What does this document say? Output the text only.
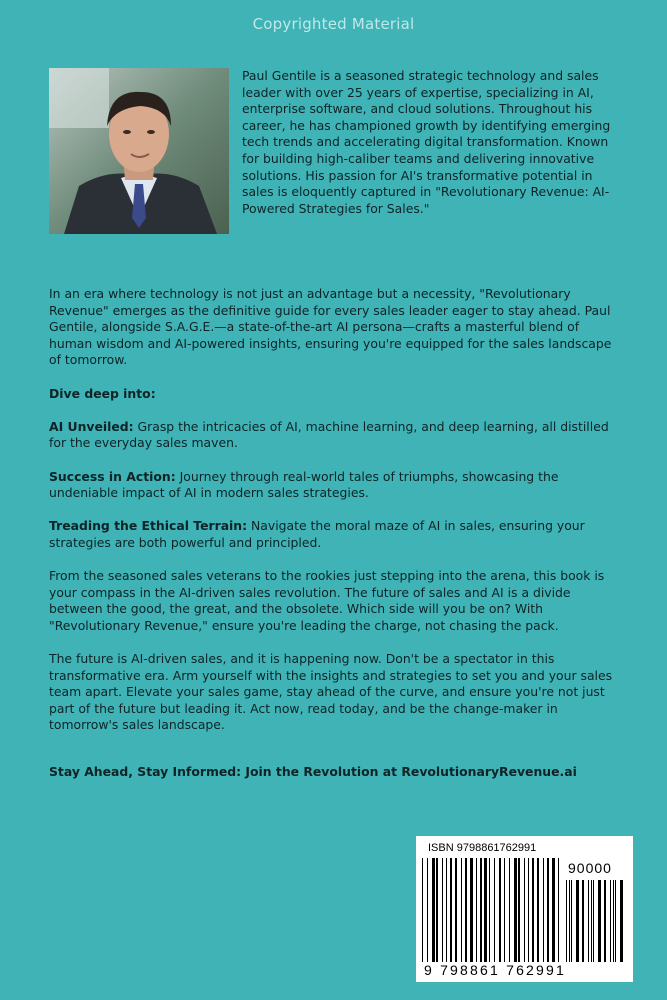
Copyrighted Material

Paul Gentile is a seasoned strategic technology and sales leader with over 25 years of expertise, specializing in AI, enterprise software, and cloud solutions. Throughout his career, he has championed growth by identifying emerging tech trends and accelerating digital transformation. Known for building high-caliber teams and delivering innovative solutions. His passion for AI's transformative potential in sales is eloquently captured in "Revolutionary Revenue: AI-Powered Strategies for Sales."

In an era where technology is not just an advantage but a necessity, "Revolutionary Revenue" emerges as the definitive guide for every sales leader eager to stay ahead. Paul Gentile, alongside S.A.G.E.—a state-of-the-art AI persona—crafts a masterful blend of human wisdom and AI-powered insights, ensuring you're equipped for the sales landscape of tomorrow.

Dive deep into:

AI Unveiled: Grasp the intricacies of AI, machine learning, and deep learning, all distilled for the everyday sales maven.

Success in Action: Journey through real-world tales of triumphs, showcasing the undeniable impact of AI in modern sales strategies.

Treading the Ethical Terrain: Navigate the moral maze of AI in sales, ensuring your strategies are both powerful and principled.

From the seasoned sales veterans to the rookies just stepping into the arena, this book is your compass in the AI-driven sales revolution. The future of sales and AI is a divide between the good, the great, and the obsolete. Which side will you be on? With "Revolutionary Revenue," ensure you're leading the charge, not chasing the pack.

The future is AI-driven sales, and it is happening now. Don't be a spectator in this transformative era. Arm yourself with the insights and strategies to set you and your sales team apart. Elevate your sales game, stay ahead of the curve, and ensure you're not just part of the future but leading it. Act now, read today, and be the change-maker in tomorrow's sales landscape.

Stay Ahead, Stay Informed: Join the Revolution at RevolutionaryRevenue.ai

ISBN 9798861762991
90000
9 798861 762991
